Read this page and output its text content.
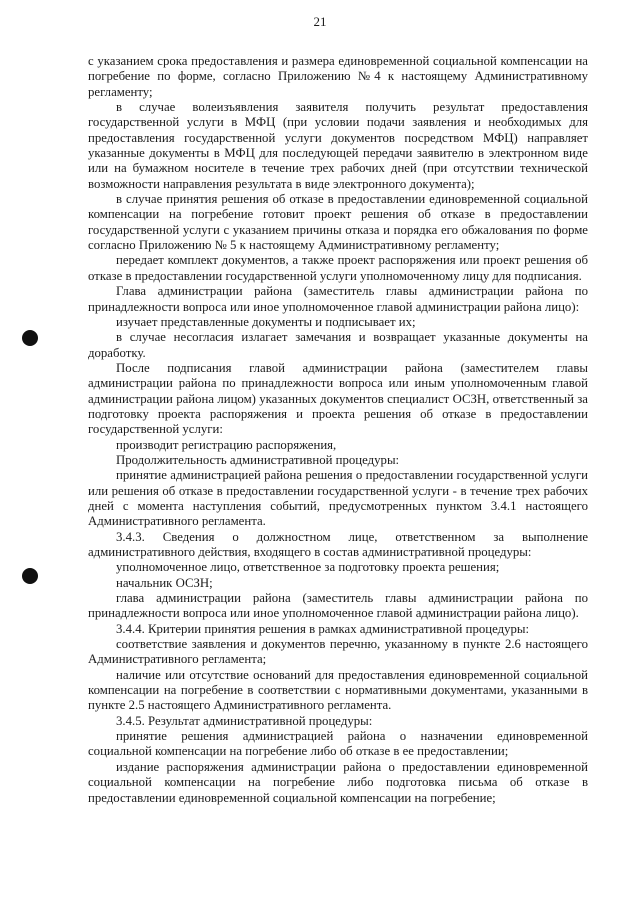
21

с указанием срока предоставления и размера единовременной социальной компенсации на погребение по форме, согласно Приложению №4 к настоящему Административному регламенту;

в случае волеизъявления заявителя получить результат предоставления государственной услуги в МФЦ (при условии подачи заявления и необходимых для предоставления государственной услуги документов посредством МФЦ) направляет указанные документы в МФЦ для последующей передачи заявителю в электронном виде или на бумажном носителе в течение трех рабочих дней (при отсутствии технической возможности направления результата в виде электронного документа);

в случае принятия решения об отказе в предоставлении единовременной социальной компенсации на погребение готовит проект решения об отказе в предоставлении государственной услуги с указанием причины отказа и порядка его обжалования по форме согласно Приложению № 5 к настоящему Административному регламенту;

передает комплект документов, а также проект распоряжения или проект решения об отказе в предоставлении государственной услуги уполномоченному лицу для подписания.

Глава администрации района (заместитель главы администрации района по принадлежности вопроса или иное уполномоченное главой администрации района лицо):

изучает представленные документы и подписывает их;

в случае несогласия излагает замечания и возвращает указанные документы на доработку.

После подписания главой администрации района (заместителем главы администрации района по принадлежности вопроса или иным уполномоченным главой администрации района лицом) указанных документов специалист ОСЗН, ответственный за подготовку проекта распоряжения и проекта решения об отказе в предоставлении государственной услуги:

производит регистрацию распоряжения,

Продолжительность административной процедуры:

принятие администрацией района решения о предоставлении государственной услуги или решения об отказе в предоставлении государственной услуги - в течение трех рабочих дней с момента наступления событий, предусмотренных пунктом 3.4.1 настоящего Административного регламента.

3.4.3. Сведения о должностном лице, ответственном за выполнение административного действия, входящего в состав административной процедуры:

уполномоченное лицо, ответственное за подготовку проекта решения;

начальник ОСЗН;

глава администрации района (заместитель главы администрации района по принадлежности вопроса или иное уполномоченное главой администрации района лицо).

3.4.4. Критерии принятия решения в рамках административной процедуры:

соответствие заявления и документов перечню, указанному в пункте 2.6 настоящего Административного регламента;

наличие или отсутствие оснований для предоставления единовременной социальной компенсации на погребение в соответствии с нормативными документами, указанными в пункте 2.5 настоящего Административного регламента.

3.4.5. Результат административной процедуры:

принятие решения администрацией района о назначении единовременной социальной компенсации на погребение либо об отказе в ее предоставлении;

издание распоряжения администрации района о предоставлении единовременной социальной компенсации на погребение либо подготовка письма об отказе в предоставлении единовременной социальной компенсации на погребение;
